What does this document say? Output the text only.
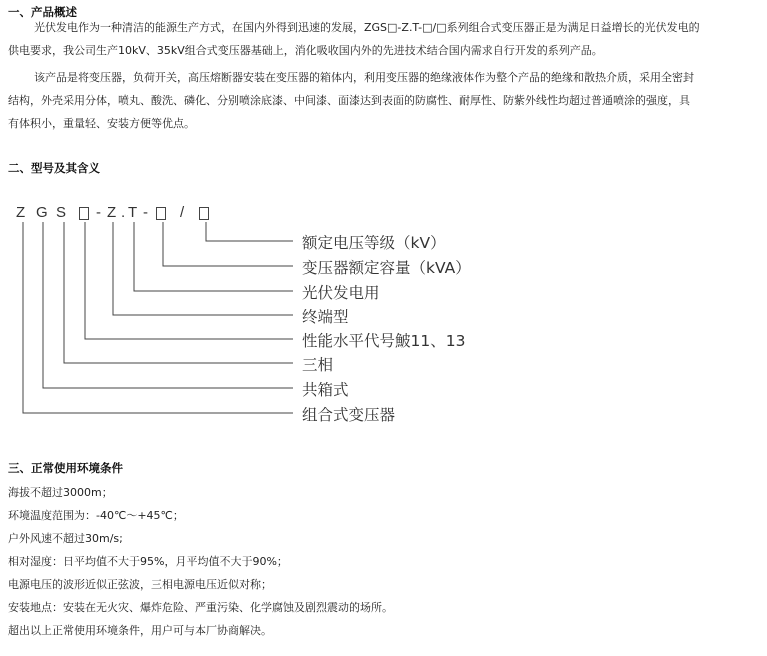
一、产品概述
光伏发电作为一种清洁的能源生产方式，在国内外得到迅速的发展，ZGS□-Z.T-□/□系列组合式变压器正是为满足日益增长的光伏发电的
供电要求，我公司生产10kV、35kV组合式变压器基础上，消化吸收国内外的先进技术结合国内需求自行开发的系列产品。
该产品是将变压器，负荷开关，高压熔断器安装在变压器的箱体内，利用变压器的绝缘液体作为整个产品的绝缘和散热介质，采用全密封
结构，外壳采用分体，喷丸、酸洗、磷化、分别喷涂底漆、中间漆、面漆达到表面的防腐性、耐厚性、防紫外线性均超过普通喷涂的强度，具
有体积小，重量轻、安装方便等优点。
二、型号及其含义
Z G S - Z . T - /
额定电压等级（kV）
变压器额定容量（kVA）
光伏发电用
终端型
性能水平代号鮍11、13
三相
共箱式
组合式变压器
三、正常使用环境条件
海拔不超过3000m；
环境温度范围为：-40℃～+45℃；
户外风速不超过30m/s;
相对湿度：日平均值不大于95%，月平均值不大于90%；
电源电压的波形近似正弦波，三相电源电压近似对称；
安装地点：安装在无火灾、爆炸危险、严重污染、化学腐蚀及剧烈震动的场所。
超出以上正常使用环境条件，用户可与本厂协商解决。
